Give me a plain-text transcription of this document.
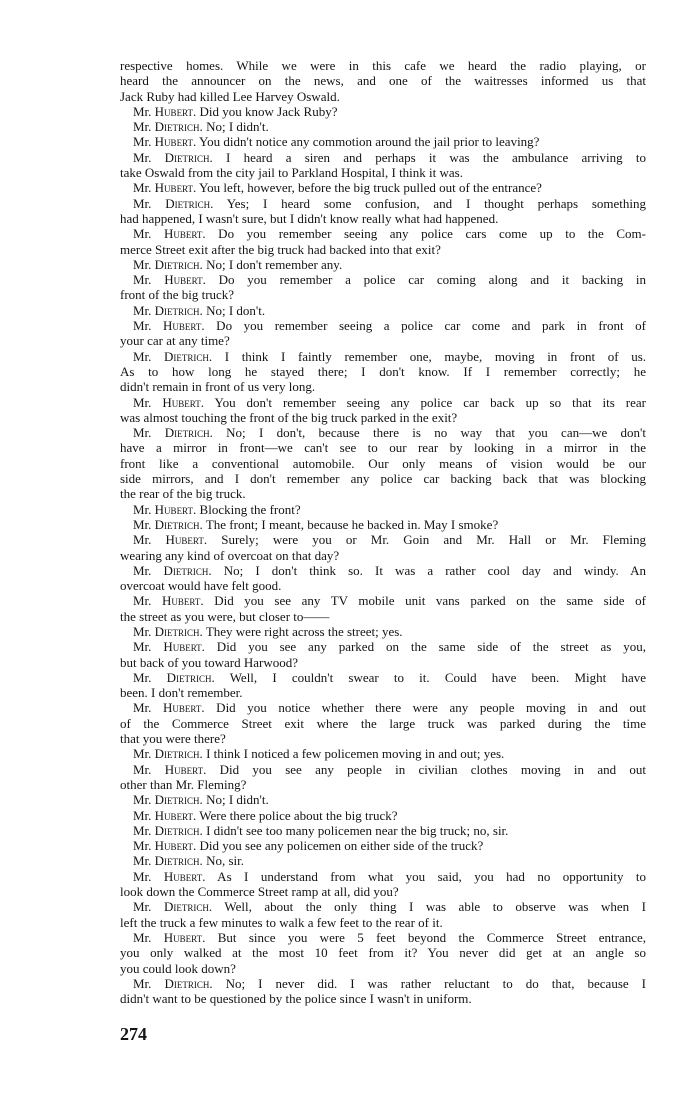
respective homes. While we were in this cafe we heard the radio playing, or
heard the announcer on the news, and one of the waitresses informed us that
Jack Ruby had killed Lee Harvey Oswald.
Mr. Hubert. Did you know Jack Ruby?
Mr. Dietrich. No; I didn't.
Mr. Hubert. You didn't notice any commotion around the jail prior to leaving?
Mr. Dietrich. I heard a siren and perhaps it was the ambulance arriving to
take Oswald from the city jail to Parkland Hospital, I think it was.
Mr. Hubert. You left, however, before the big truck pulled out of the entrance?
Mr. Dietrich. Yes; I heard some confusion, and I thought perhaps something
had happened, I wasn't sure, but I didn't know really what had happened.
Mr. Hubert. Do you remember seeing any police cars come up to the Com-
merce Street exit after the big truck had backed into that exit?
Mr. Dietrich. No; I don't remember any.
Mr. Hubert. Do you remember a police car coming along and it backing in
front of the big truck?
Mr. Dietrich. No; I don't.
Mr. Hubert. Do you remember seeing a police car come and park in front of
your car at any time?
Mr. Dietrich. I think I faintly remember one, maybe, moving in front of us.
As to how long he stayed there; I don't know. If I remember correctly; he
didn't remain in front of us very long.
Mr. Hubert. You don't remember seeing any police car back up so that its rear
was almost touching the front of the big truck parked in the exit?
Mr. Dietrich. No; I don't, because there is no way that you can—we don't
have a mirror in front—we can't see to our rear by looking in a mirror in the
front like a conventional automobile. Our only means of vision would be our
side mirrors, and I don't remember any police car backing back that was blocking
the rear of the big truck.
Mr. Hubert. Blocking the front?
Mr. Dietrich. The front; I meant, because he backed in. May I smoke?
Mr. Hubert. Surely; were you or Mr. Goin and Mr. Hall or Mr. Fleming
wearing any kind of overcoat on that day?
Mr. Dietrich. No; I don't think so. It was a rather cool day and windy. An
overcoat would have felt good.
Mr. Hubert. Did you see any TV mobile unit vans parked on the same side of
the street as you were, but closer to——
Mr. Dietrich. They were right across the street; yes.
Mr. Hubert. Did you see any parked on the same side of the street as you,
but back of you toward Harwood?
Mr. Dietrich. Well, I couldn't swear to it. Could have been. Might have
been. I don't remember.
Mr. Hubert. Did you notice whether there were any people moving in and out
of the Commerce Street exit where the large truck was parked during the time
that you were there?
Mr. Dietrich. I think I noticed a few policemen moving in and out; yes.
Mr. Hubert. Did you see any people in civilian clothes moving in and out
other than Mr. Fleming?
Mr. Dietrich. No; I didn't.
Mr. Hubert. Were there police about the big truck?
Mr. Dietrich. I didn't see too many policemen near the big truck; no, sir.
Mr. Hubert. Did you see any policemen on either side of the truck?
Mr. Dietrich. No, sir.
Mr. Hubert. As I understand from what you said, you had no opportunity to
look down the Commerce Street ramp at all, did you?
Mr. Dietrich. Well, about the only thing I was able to observe was when I
left the truck a few minutes to walk a few feet to the rear of it.
Mr. Hubert. But since you were 5 feet beyond the Commerce Street entrance,
you only walked at the most 10 feet from it? You never did get at an angle so
you could look down?
Mr. Dietrich. No; I never did. I was rather reluctant to do that, because I
didn't want to be questioned by the police since I wasn't in uniform.
274
